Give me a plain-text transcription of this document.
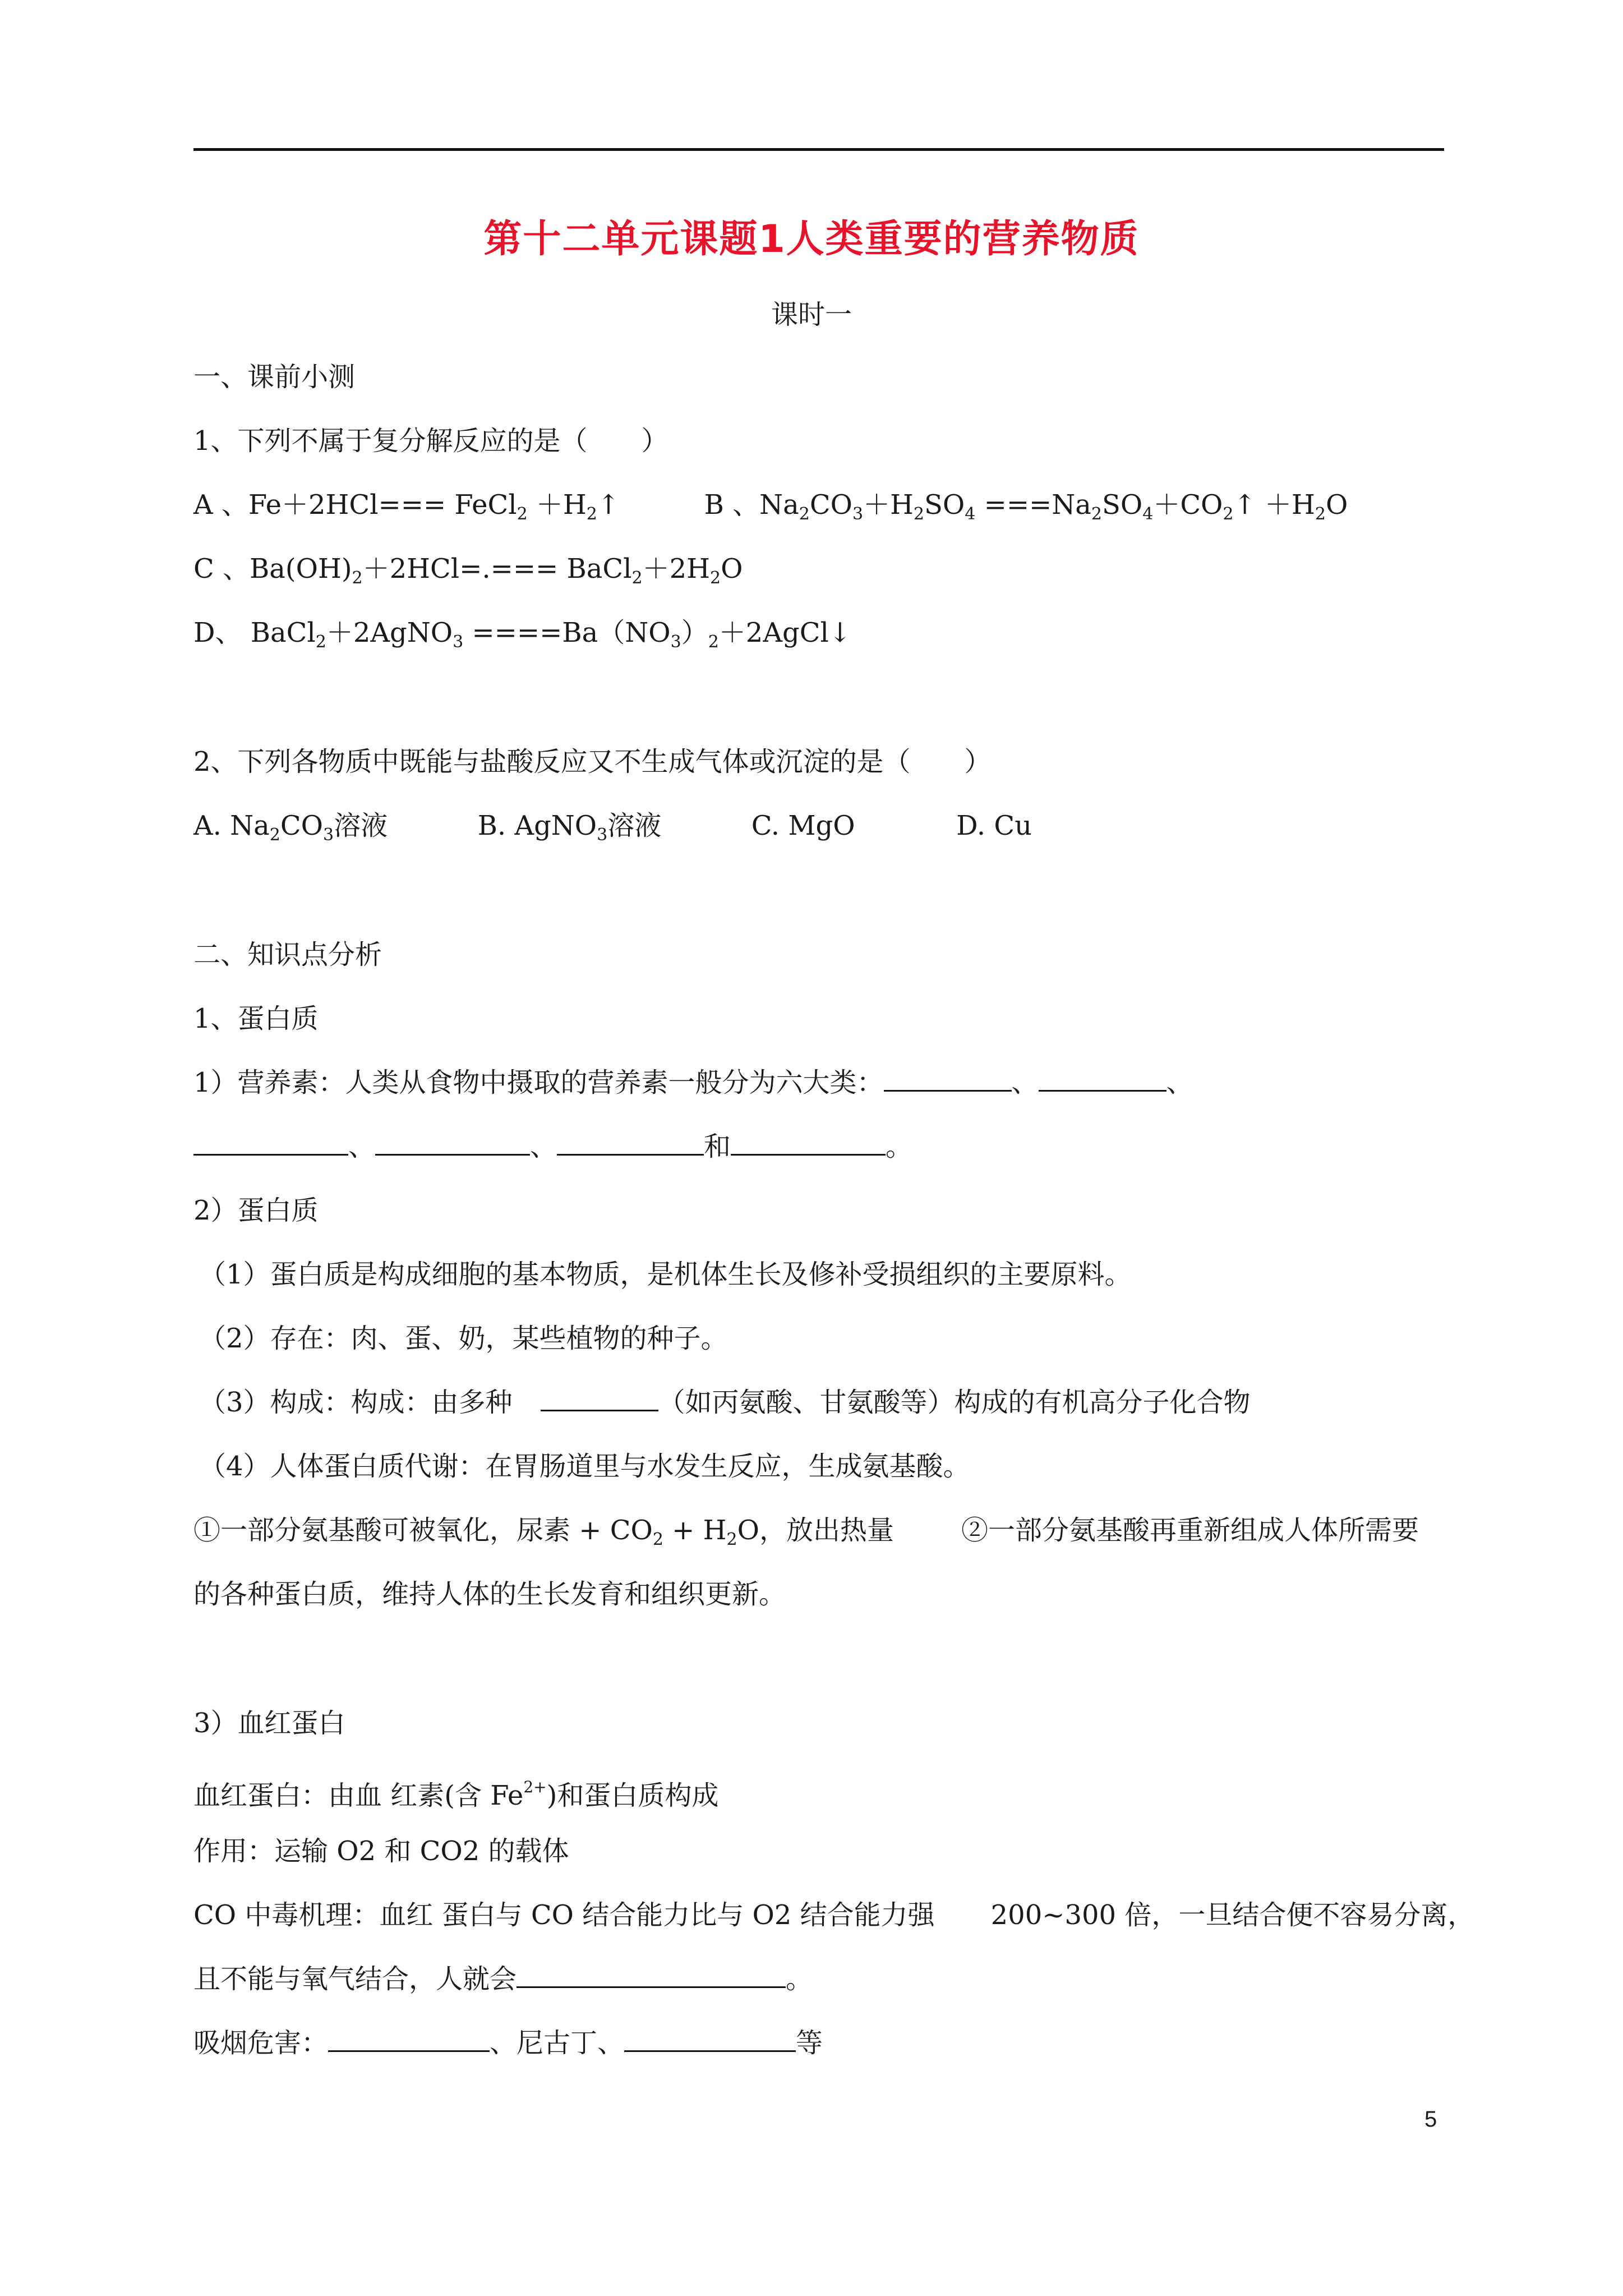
第十二单元课题1人类重要的营养物质
课时一
一、课前小测
1、下列不属于复分解反应的是（　　）
A 、Fe＋2HCl=== FeCl$_2$ $+H_2↑$	B 、$Na_2CO_3+H_2SO_4$ $===Na_2SO_4+CO_2↑ +H_2O$
C 、$Ba(OH)_2+2HCl=.===$ $BaCl_2+2H_2O$
D、 BaCl$_2$＋2AgNO$_3$ $====Ba(NO_3)_2+2AgCl↓$
2、下列各物质中既能与盐酸反应又不生成气体或沉淀的是（　　）
A. $Na_2CO_3$溶液	B. AgNO$_3$溶液	C. MgO	D. Cu
二、知识点分析
1、蛋白质
1）营养素：人类从食物中摄取的营养素一般分为六大类：	、	、
、	、	和	。
2）蛋白质
（1）蛋白质是构成细胞的基本物质，是机体生长及修补受损组织的主要原料。
（2）存在：肉、蛋、奶，某些植物的种子。
（3）构成：构成：由多种	（如丙氨酸、甘氨酸等）构成的有机高分子化合物
（4）人体蛋白质代谢：在胃肠道里与水发生反应，生成氨基酸。
①一部分氨基酸可被氧化，尿素 + $CO_2 + H_2O$，放出热量	②一部分氨基酸再重新组成人体所需要
的各种蛋白质，维持人体的生长发育和组织更新。
3）血红蛋白
血红蛋白：由血 红素(含 $Fe^{2+}$)和蛋白质构成
作用：运输 O2 和 CO2 的载体
CO 中毒机理：血红 蛋白与 CO 结合能力比与 O2 结合能力强 200~300 倍，一旦结合便不容易分离，
且不能与氧气结合，人就会	。
吸烟危害：	、尼古丁、	等
5
